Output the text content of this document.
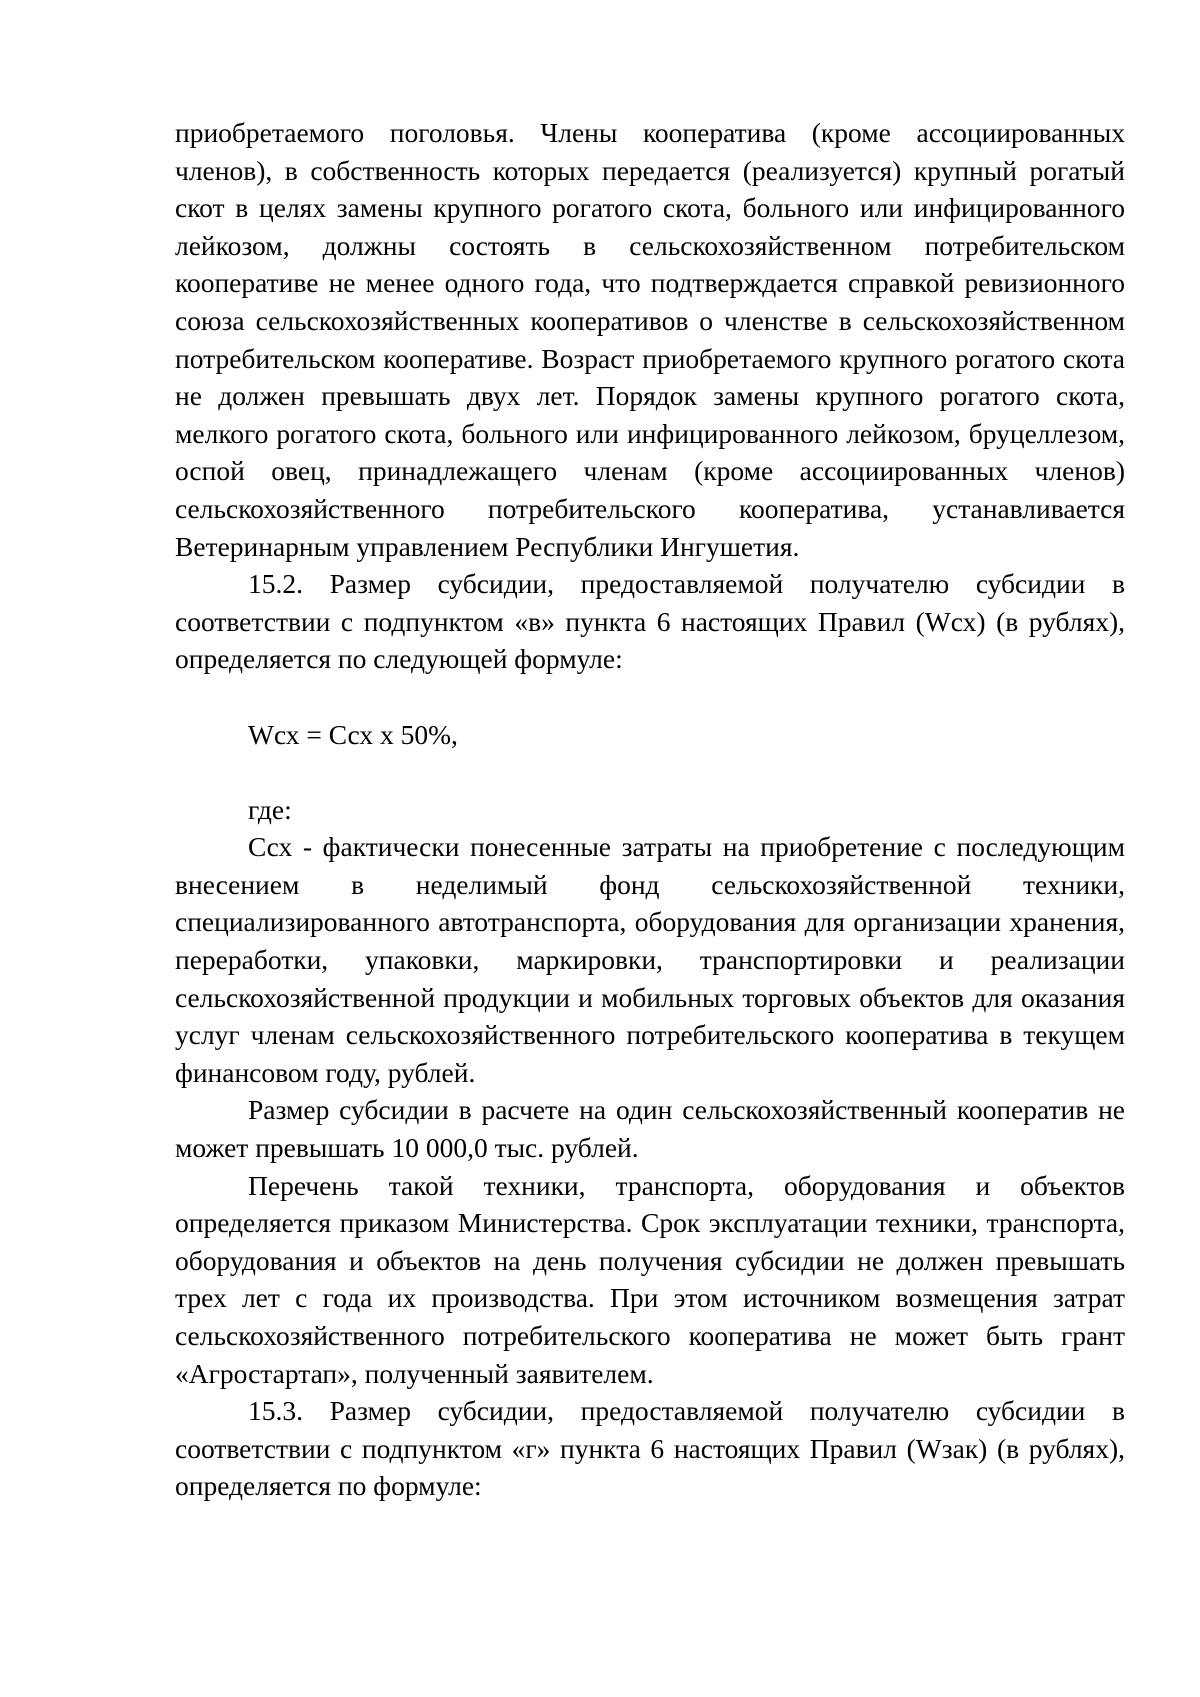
приобретаемого поголовья. Члены кооператива (кроме ассоциированных членов), в собственность которых передается (реализуется) крупный рогатый скот в целях замены крупного рогатого скота, больного или инфицированного лейкозом, должны состоять в сельскохозяйственном потребительском кооперативе не менее одного года, что подтверждается справкой ревизионного союза сельскохозяйственных кооперативов о членстве в сельскохозяйственном потребительском кооперативе. Возраст приобретаемого крупного рогатого скота не должен превышать двух лет. Порядок замены крупного рогатого скота, мелкого рогатого скота, больного или инфицированного лейкозом, бруцеллезом, оспой овец, принадлежащего членам (кроме ассоциированных членов) сельскохозяйственного потребительского кооператива, устанавливается Ветеринарным управлением Республики Ингушетия.

15.2. Размер субсидии, предоставляемой получателю субсидии в соответствии с подпунктом «в» пункта 6 настоящих Правил (Wсх) (в рублях), определяется по следующей формуле:

Wсх = Ссх х 50%,

где:

Ссх - фактически понесенные затраты на приобретение с последующим внесением в неделимый фонд сельскохозяйственной техники, специализированного автотранспорта, оборудования для организации хранения, переработки, упаковки, маркировки, транспортировки и реализации сельскохозяйственной продукции и мобильных торговых объектов для оказания услуг членам сельскохозяйственного потребительского кооператива в текущем финансовом году, рублей.

Размер субсидии в расчете на один сельскохозяйственный кооператив не может превышать 10 000,0 тыс. рублей.

Перечень такой техники, транспорта, оборудования и объектов определяется приказом Министерства. Срок эксплуатации техники, транспорта, оборудования и объектов на день получения субсидии не должен превышать трех лет с года их производства. При этом источником возмещения затрат сельскохозяйственного потребительского кооператива не может быть грант «Агростартап», полученный заявителем.

15.3. Размер субсидии, предоставляемой получателю субсидии в соответствии с подпунктом «г» пункта 6 настоящих Правил (Wзак) (в рублях), определяется по формуле:
